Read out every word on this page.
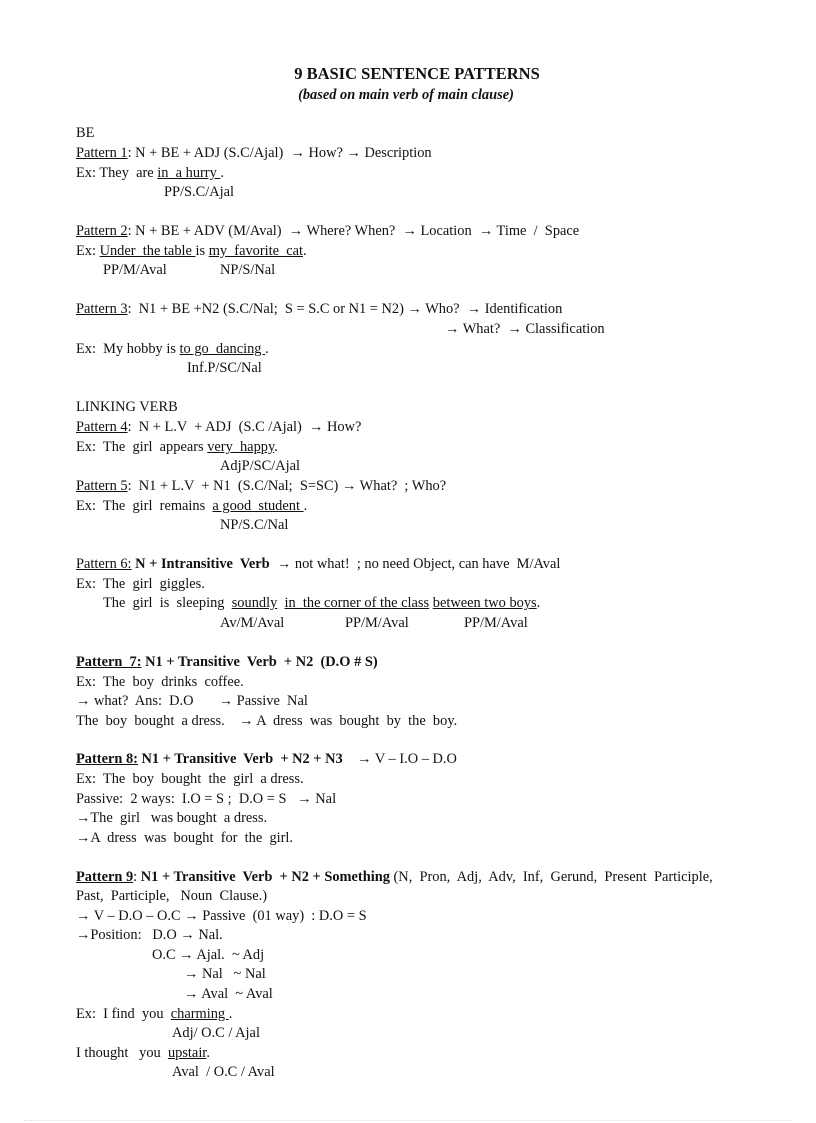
9 BASIC SENTENCE PATTERNS
(based on main verb of main clause)
BE
Pattern 1: N + BE + ADJ (S.C/Ajal)  → How? → Description
Ex: They  are in  a hurry .
PP/S.C/Ajal
Pattern 2: N + BE + ADV (M/Aval)  → Where? When?  → Location  → Time  /  Space
Ex: Under  the table is my  favorite  cat.
PP/M/Aval	NP/S/Nal
Pattern 3:  N1 + BE +N2 (S.C/Nal;  S = S.C or N1 = N2) → Who?  → Identification
→ What?  → Classification
Ex:  My hobby is to go  dancing .
Inf.P/SC/Nal
LINKING VERB
Pattern 4:  N + L.V  + ADJ  (S.C /Ajal)  → How?
Ex:  The  girl  appears very  happy.
AdjP/SC/Ajal
Pattern 5:  N1 + L.V  + N1  (S.C/Nal;  S=SC) → What?  ; Who?
Ex:  The  girl  remains  a good  student .
NP/S.C/Nal
Pattern 6: N + Intransitive  Verb  → not what!  ; no need Object, can have  M/Aval
Ex:  The  girl  giggles.
The  girl  is  sleeping  soundly in  the corner of the class between two boys.
Av/M/Aval	PP/M/Aval	PP/M/Aval
Pattern  7: N1 + Transitive  Verb  + N2  (D.O # S)
Ex:  The  boy  drinks  coffee.
→ what?  Ans:  D.O       → Passive  Nal
The  boy  bought  a dress.    → A  dress  was  bought  by  the  boy.
Pattern 8: N1 + Transitive  Verb  + N2 + N3    → V – I.O – D.O
Ex:  The  boy  bought  the  girl  a dress.
Passive:  2 ways:  I.O = S ;  D.O = S   → Nal
→The  girl   was bought  a dress.
→A  dress  was  bought  for  the  girl.
Pattern 9: N1 + Transitive  Verb  + N2 + Something (N,  Pron,  Adj,  Adv,  Inf,  Gerund,  Present  Participle,
Past,  Participle,   Noun  Clause.)
→ V – D.O – O.C → Passive  (01 way)  : D.O = S
→Position:   D.O → Nal.
O.C → Ajal.  ~ Adj
→ Nal   ~ Nal
→ Aval  ~ Aval
Ex:  I find  you  charming .
Adj/ O.C / Ajal
I thought   you  upstair.
Aval  / O.C / Aval
